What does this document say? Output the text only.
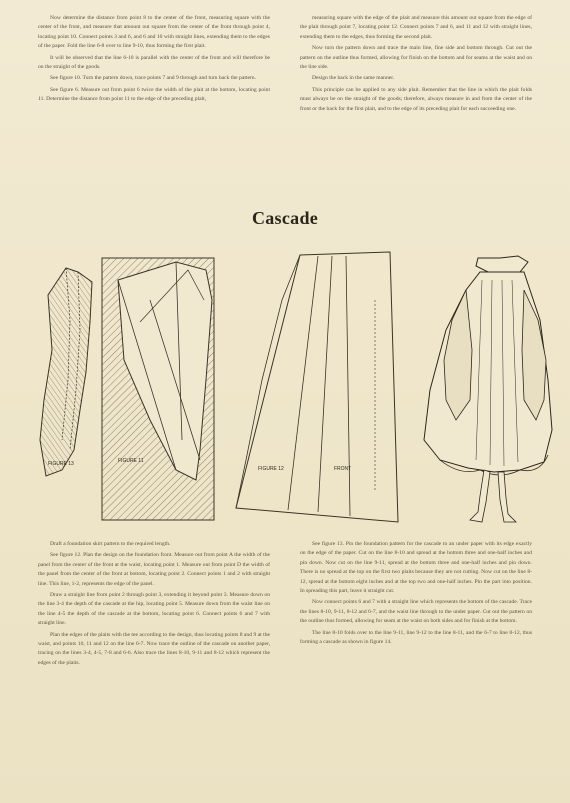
Now determine the distance from point 8 to the center of the front, measuring square with the center of the front, and measure that amount out square from the center of the front through point 4, locating point 10. Connect points 3 and 6, and 6 and 10 with straight lines, extending them to the edges of the paper. Fold the line 6-8 over to line 9-10, thus forming the first plait.

It will be observed that the line 6-10 is parallel with the center of the front and will therefore be on the straight of the goods.

See figure 10. Turn the pattern down, trace points 7 and 9 through and turn back the pattern.

See figure 6. Measure out from point 6 twice the width of the plait at the bottom, locating point 11. Determine the distance from point 11 to the edge of the preceding plait,

measuring square with the edge of the plait and measure this amount out square from the edge of the plait through point 7, locating point 12. Connect points 7 and 6, and 11 and 12 with straight lines, extending them to the edges, thus forming the second plait.

Now turn the pattern down and trace the main line, fine side and bottom through. Cut out the pattern on the outline thus formed, allowing for finish on the bottom and for seams at the waist and on the line side.

Design the back in the same manner.

This principle can be applied to any side plait. Remember that the line in which the plait folds must always be on the straight of the goods; therefore, always measure in and from the center of the front or the back for the first plait, and to the edge of its preceding plait for each succeeding one.

Cascade
FIGURE 13	FIGURE 11
FIGURE 12	FRONT

Draft a foundation skirt pattern to the required length.

See figure 12. Plan the design on the foundation front. Measure out from point A the width of the panel from the center of the front at the waist, locating point 1. Measure out from point D the width of the panel from the center of the front at bottom, locating point 2. Connect points 1 and 2 with straight line. This line, 1-2, represents the edge of the panel.

Draw a straight line from point 2 through point 3, extending it beyond point 3. Measure down on the line 3-4 the depth of the cascade at the hip, locating point 5. Measure down from the waist line on the line 4-5 the depth of the cascade at the bottom, locating point 6. Connect points 6 and 7 with straight line.

Plan the edges of the plaits with the tee according to the design, thus locating points 8 and 9 at the waist, and points 10, 11 and 12 on the line 6-7. Now trace the outline of the cascade on another paper, tracing on the lines 3-4, 4-5, 7-8 and 6-6. Also trace the lines 8-10, 9-11 and 8-12 which represent the edges of the plaits.

See figure 13. Pin the foundation pattern for the cascade to an under paper with its edge exactly on the edge of the paper. Cut on the line 8-10 and spread at the bottom three and one-half inches and pin down. Now cut on the line 9-11, spread at the bottom three and one-half inches and pin down. There is no spread at the top on the first two plaits because they are not cutting. Now cut on the line 8-12, spread at the bottom eight inches and at the top two and one-half inches. Pin the part into position. In spreading this part, leave it straight cut.

Now connect points 6 and 7 with a straight line which represents the bottom of the cascade. Trace the lines 8-10, 9-11, 8-12 and 6-7, and the waist line through to the under paper. Cut out the pattern on the outline thus formed, allowing for seam at the waist on both sides and for finish at the bottom.

The line 8-10 folds over to the line 9-11, line 9-12 to the line 8-11, and the 6-7 to line 8-12, thus forming a cascade as shown in figure 14.
